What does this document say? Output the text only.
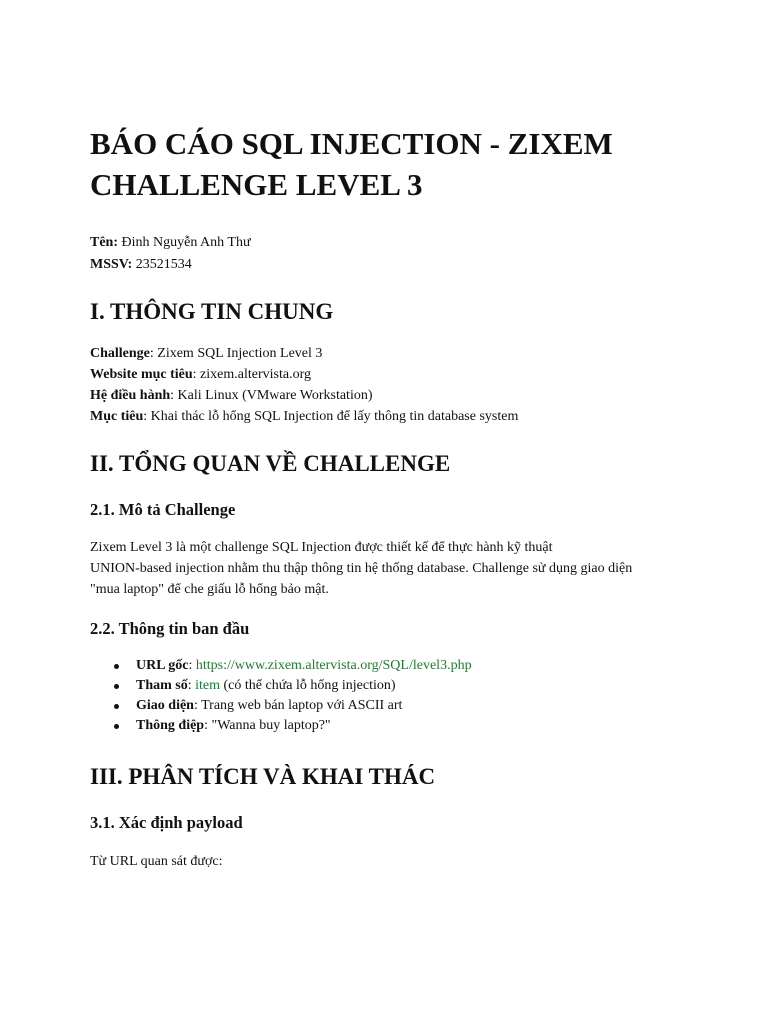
BÁO CÁO SQL INJECTION - ZIXEM
CHALLENGE LEVEL 3
Tên: Đinh Nguyễn Anh Thư
MSSV: 23521534
I. THÔNG TIN CHUNG
Challenge: Zixem SQL Injection Level 3
Website mục tiêu: zixem.altervista.org
Hệ điều hành: Kali Linux (VMware Workstation)
Mục tiêu: Khai thác lỗ hổng SQL Injection để lấy thông tin database system
II. TỔNG QUAN VỀ CHALLENGE
2.1. Mô tả Challenge
Zixem Level 3 là một challenge SQL Injection được thiết kế để thực hành kỹ thuật
UNION-based injection nhằm thu thập thông tin hệ thống database. Challenge sử dụng giao diện
"mua laptop" để che giấu lỗ hổng bảo mật.
2.2. Thông tin ban đầu
URL gốc: https://www.zixem.altervista.org/SQL/level3.php
Tham số: item (có thể chứa lỗ hổng injection)
Giao diện: Trang web bán laptop với ASCII art
Thông điệp: "Wanna buy laptop?"
III. PHÂN TÍCH VÀ KHAI THÁC
3.1. Xác định payload
Từ URL quan sát được:
